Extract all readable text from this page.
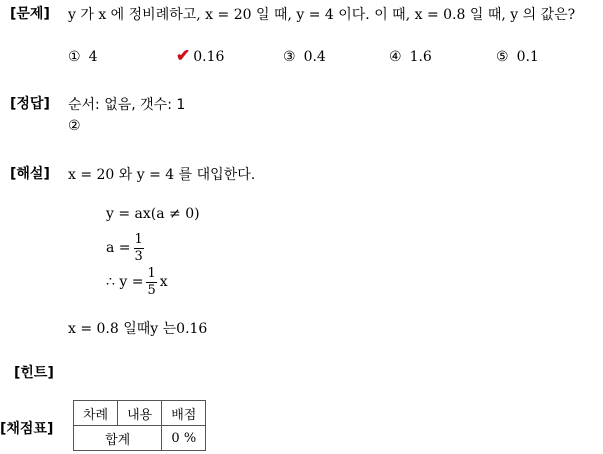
[문제] y 가 x 에 정비례하고, x = 20 일 때, y = 4 이다. 이 때, x = 0.8 일 때, y 의 값은?
① 4	✔ 0.16	③ 0.4	④ 1.6	⑤ 0.1
[정답] 순서: 없음, 갯수: 1
②
[해설] x = 20 와 y = 4 를 대입한다.
y = ax(a ≠ 0)
$a = \frac{1}{3}$
∴ $y = \frac{1}{5}$ x
x = 0.8 일때y 는0.16
[힌트]
[채점표]
차례	내용	배점
합계		0 %
